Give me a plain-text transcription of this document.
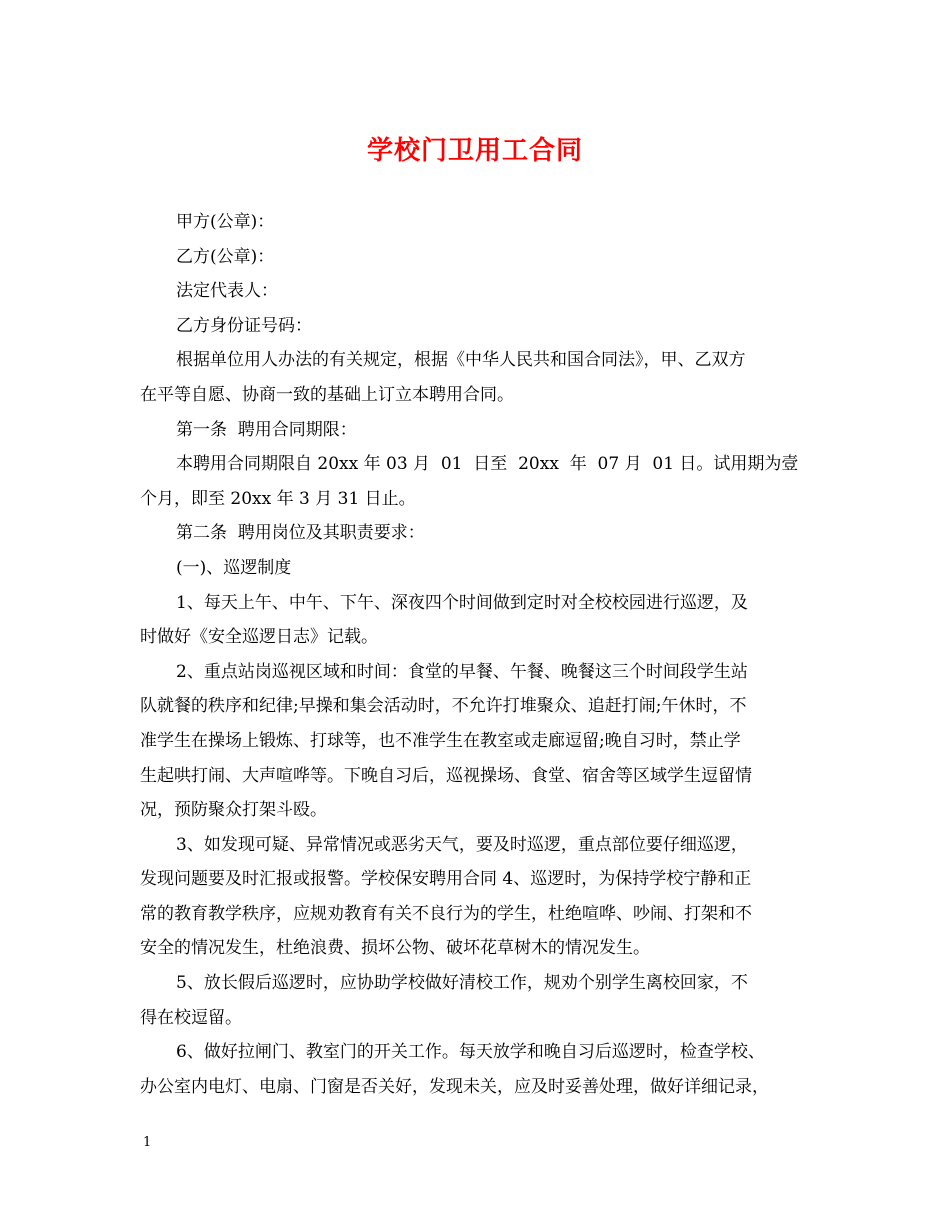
学校门卫用工合同
甲方(公章)：
乙方(公章)：
法定代表人：
乙方身份证号码：
根据单位用人办法的有关规定，根据《中华人民共和国合同法》，甲、乙双方
在平等自愿、协商一致的基础上订立本聘用合同。
第一条  聘用合同期限：
本聘用合同期限自 20xx 年 03 月  01  日至  20xx  年  07 月  01 日。试用期为壹
个月，即至 20xx 年 3 月 31 日止。
第二条  聘用岗位及其职责要求：
(一)、巡逻制度
1、每天上午、中午、下午、深夜四个时间做到定时对全校校园进行巡逻，及
时做好《安全巡逻日志》记载。
2、重点站岗巡视区域和时间：食堂的早餐、午餐、晚餐这三个时间段学生站
队就餐的秩序和纪律;早操和集会活动时，不允许打堆聚众、追赶打闹;午休时，不
准学生在操场上锻炼、打球等，也不准学生在教室或走廊逗留;晚自习时，禁止学
生起哄打闹、大声喧哗等。下晚自习后，巡视操场、食堂、宿舍等区域学生逗留情
况，预防聚众打架斗殴。
3、如发现可疑、异常情况或恶劣天气，要及时巡逻，重点部位要仔细巡逻，
发现问题要及时汇报或报警。学校保安聘用合同 4、巡逻时，为保持学校宁静和正
常的教育教学秩序，应规劝教育有关不良行为的学生，杜绝喧哗、吵闹、打架和不
安全的情况发生，杜绝浪费、损坏公物、破坏花草树木的情况发生。
5、放长假后巡逻时，应协助学校做好清校工作，规劝个别学生离校回家，不
得在校逗留。
6、做好拉闸门、教室门的开关工作。每天放学和晚自习后巡逻时，检查学校、
办公室内电灯、电扇、门窗是否关好，发现未关，应及时妥善处理，做好详细记录，
1
